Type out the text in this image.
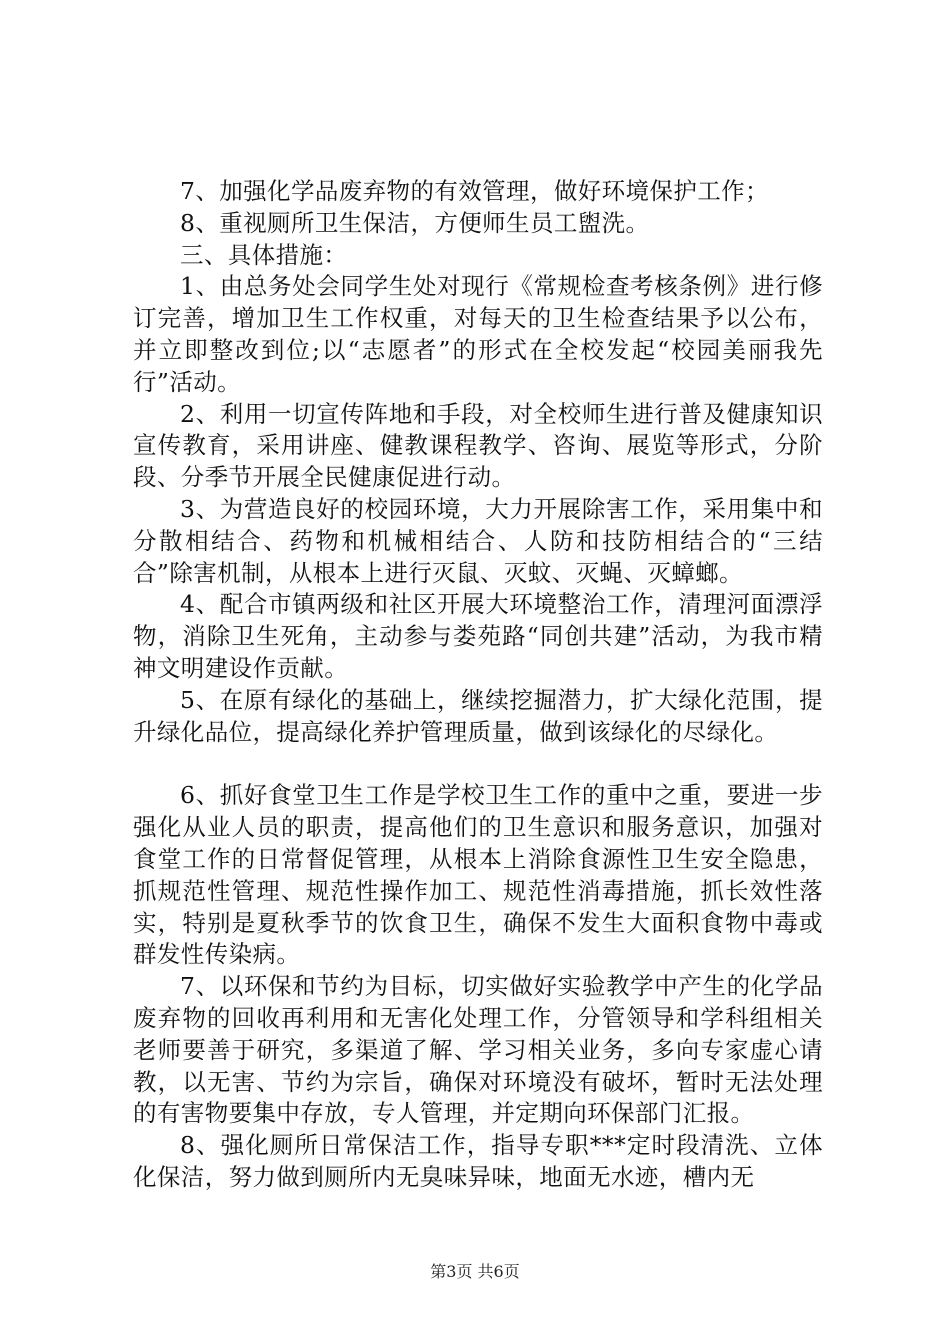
7、加强化学品废弃物的有效管理，做好环境保护工作；

8、重视厕所卫生保洁，方便师生员工盥洗。

三、具体措施：

1、由总务处会同学生处对现行《常规检查考核条例》进行修订完善，增加卫生工作权重，对每天的卫生检查结果予以公布，并立即整改到位;以“志愿者”的形式在全校发起“校园美丽我先行”活动。

2、利用一切宣传阵地和手段，对全校师生进行普及健康知识宣传教育，采用讲座、健教课程教学、咨询、展览等形式，分阶段、分季节开展全民健康促进行动。

3、为营造良好的校园环境，大力开展除害工作，采用集中和分散相结合、药物和机械相结合、人防和技防相结合的“三结合”除害机制，从根本上进行灭鼠、灭蚊、灭蝇、灭蟑螂。

4、配合市镇两级和社区开展大环境整治工作，清理河面漂浮物，消除卫生死角，主动参与娄苑路“同创共建”活动，为我市精神文明建设作贡献。

5、在原有绿化的基础上，继续挖掘潜力，扩大绿化范围，提升绿化品位，提高绿化养护管理质量，做到该绿化的尽绿化。

6、抓好食堂卫生工作是学校卫生工作的重中之重，要进一步强化从业人员的职责，提高他们的卫生意识和服务意识，加强对食堂工作的日常督促管理，从根本上消除食源性卫生安全隐患，抓规范性管理、规范性操作加工、规范性消毒措施，抓长效性落实，特别是夏秋季节的饮食卫生，确保不发生大面积食物中毒或群发性传染病。

7、以环保和节约为目标，切实做好实验教学中产生的化学品废弃物的回收再利用和无害化处理工作，分管领导和学科组相关老师要善于研究，多渠道了解、学习相关业务，多向专家虚心请教，以无害、节约为宗旨，确保对环境没有破坏，暂时无法处理的有害物要集中存放，专人管理，并定期向环保部门汇报。

8、强化厕所日常保洁工作，指导专职***定时段清洗、立体化保洁，努力做到厕所内无臭味异味，地面无水迹，槽内无

第3页 共6页
